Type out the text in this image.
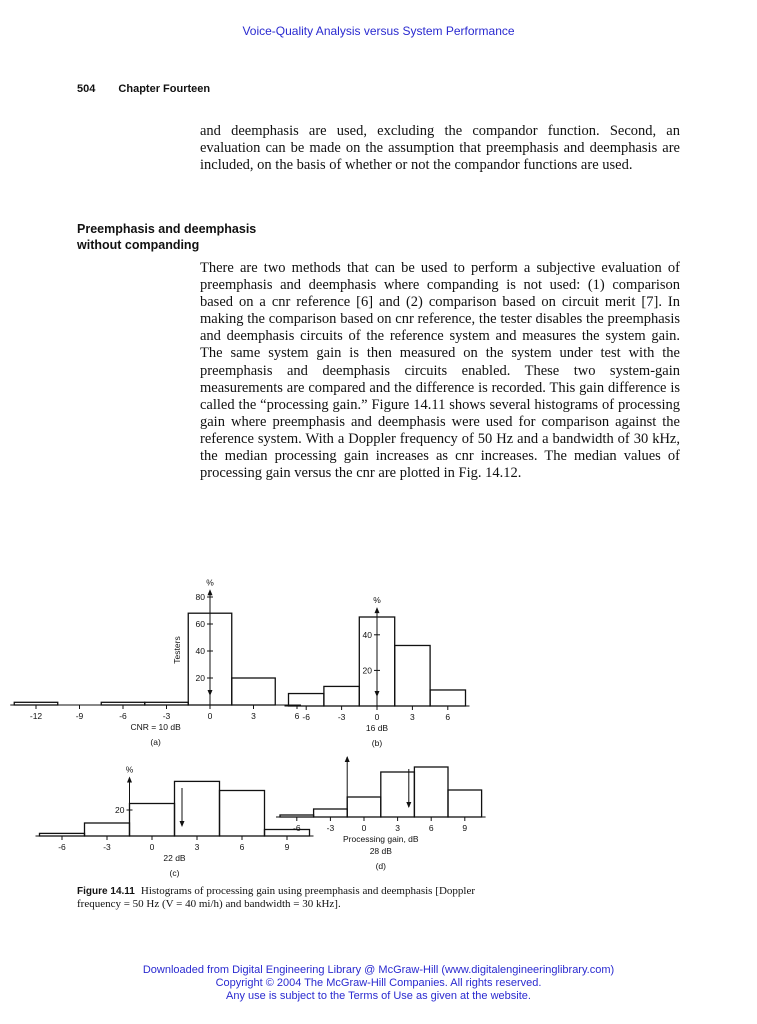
Voice-Quality Analysis versus System Performance
504 Chapter Fourteen

and deemphasis are used, excluding the compandor function. Second, an evaluation can be made on the assumption that preemphasis and deemphasis are included, on the basis of whether or not the compandor functions are used.

Preemphasis and deemphasis
without companding

There are two methods that can be used to perform a subjective evaluation of preemphasis and deemphasis where companding is not used: (1) comparison based on a cnr reference [6] and (2) comparison based on circuit merit [7]. In making the comparison based on cnr reference, the tester disables the preemphasis and deemphasis circuits of the reference system and measures the system gain. The same system gain is then measured on the system under test with the preemphasis and deemphasis circuits enabled. These two system-gain measurements are compared and the difference is recorded. This gain difference is called the “processing gain.” Figure 14.11 shows several histograms of processing gain where preemphasis and deemphasis were used for comparison against the reference system. With a Doppler frequency of 50 Hz and a bandwidth of 30 kHz, the median processing gain increases as cnr increases. The median values of processing gain versus the cnr are plotted in Fig. 14.12.

%
20
40
60
80
-12	-9	-6	-3	0	3	6
Testers
CNR = 10 dB
(a)
%
20
40
-6	-3	0	3	6
16 dB
(b)
%
20
-6	-3	0	3	6	9
22 dB
(c)
-6	-3	0	3	6	9
Processing gain, dB
28 dB
(d)

Figure 14.11 Histograms of processing gain using preemphasis and deemphasis [Doppler frequency = 50 Hz (V = 40 mi/h) and bandwidth = 30 kHz].

Downloaded from Digital Engineering Library @ McGraw-Hill (www.digitalengineeringlibrary.com)
Copyright © 2004 The McGraw-Hill Companies. All rights reserved.
Any use is subject to the Terms of Use as given at the website.
